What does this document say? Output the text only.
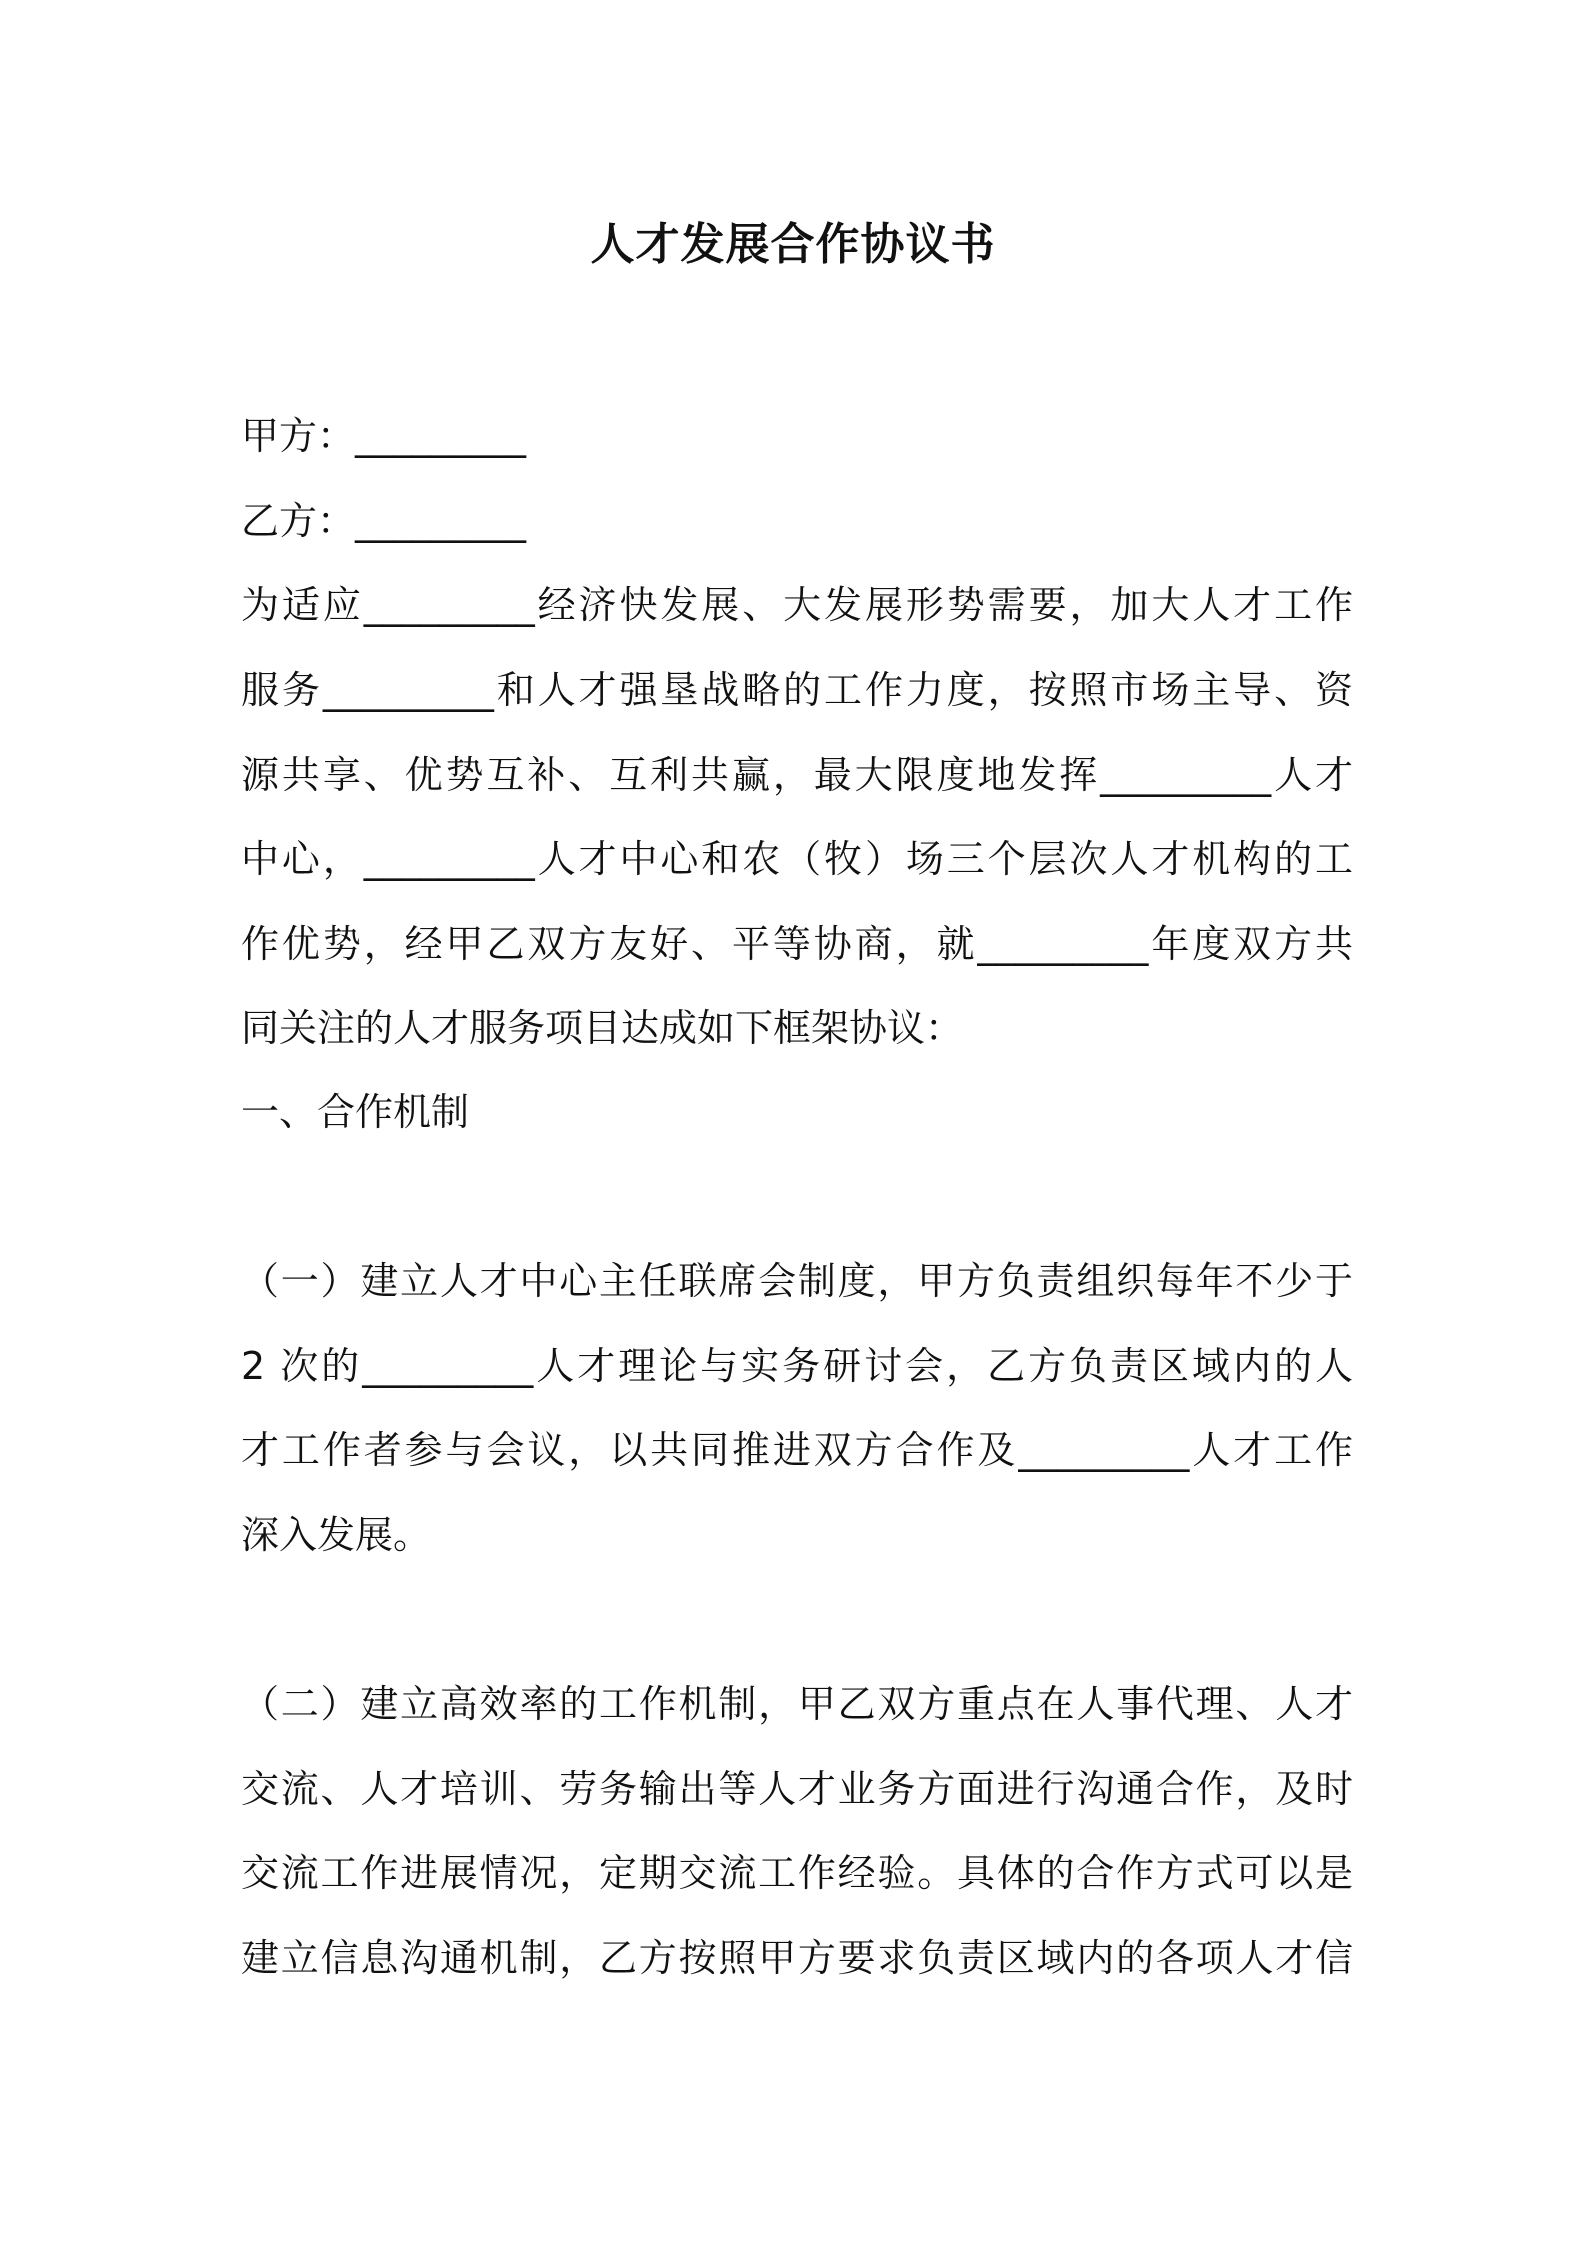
人才发展合作协议书

甲方：_________

乙方：_________

为适应_________经济快发展、大发展形势需要，加大人才工作

服务_________和人才强垦战略的工作力度，按照市场主导、资

源共享、优势互补、互利共赢，最大限度地发挥_________人才

中心，_________人才中心和农（牧）场三个层次人才机构的工

作优势，经甲乙双方友好、平等协商，就_________年度双方共

同关注的人才服务项目达成如下框架协议：

一、合作机制

（一）建立人才中心主任联席会制度，甲方负责组织每年不少于

2 次的_________人才理论与实务研讨会，乙方负责区域内的人

才工作者参与会议，以共同推进双方合作及_________人才工作

深入发展。

（二）建立高效率的工作机制，甲乙双方重点在人事代理、人才

交流、人才培训、劳务输出等人才业务方面进行沟通合作，及时

交流工作进展情况，定期交流工作经验。具体的合作方式可以是

建立信息沟通机制，乙方按照甲方要求负责区域内的各项人才信
